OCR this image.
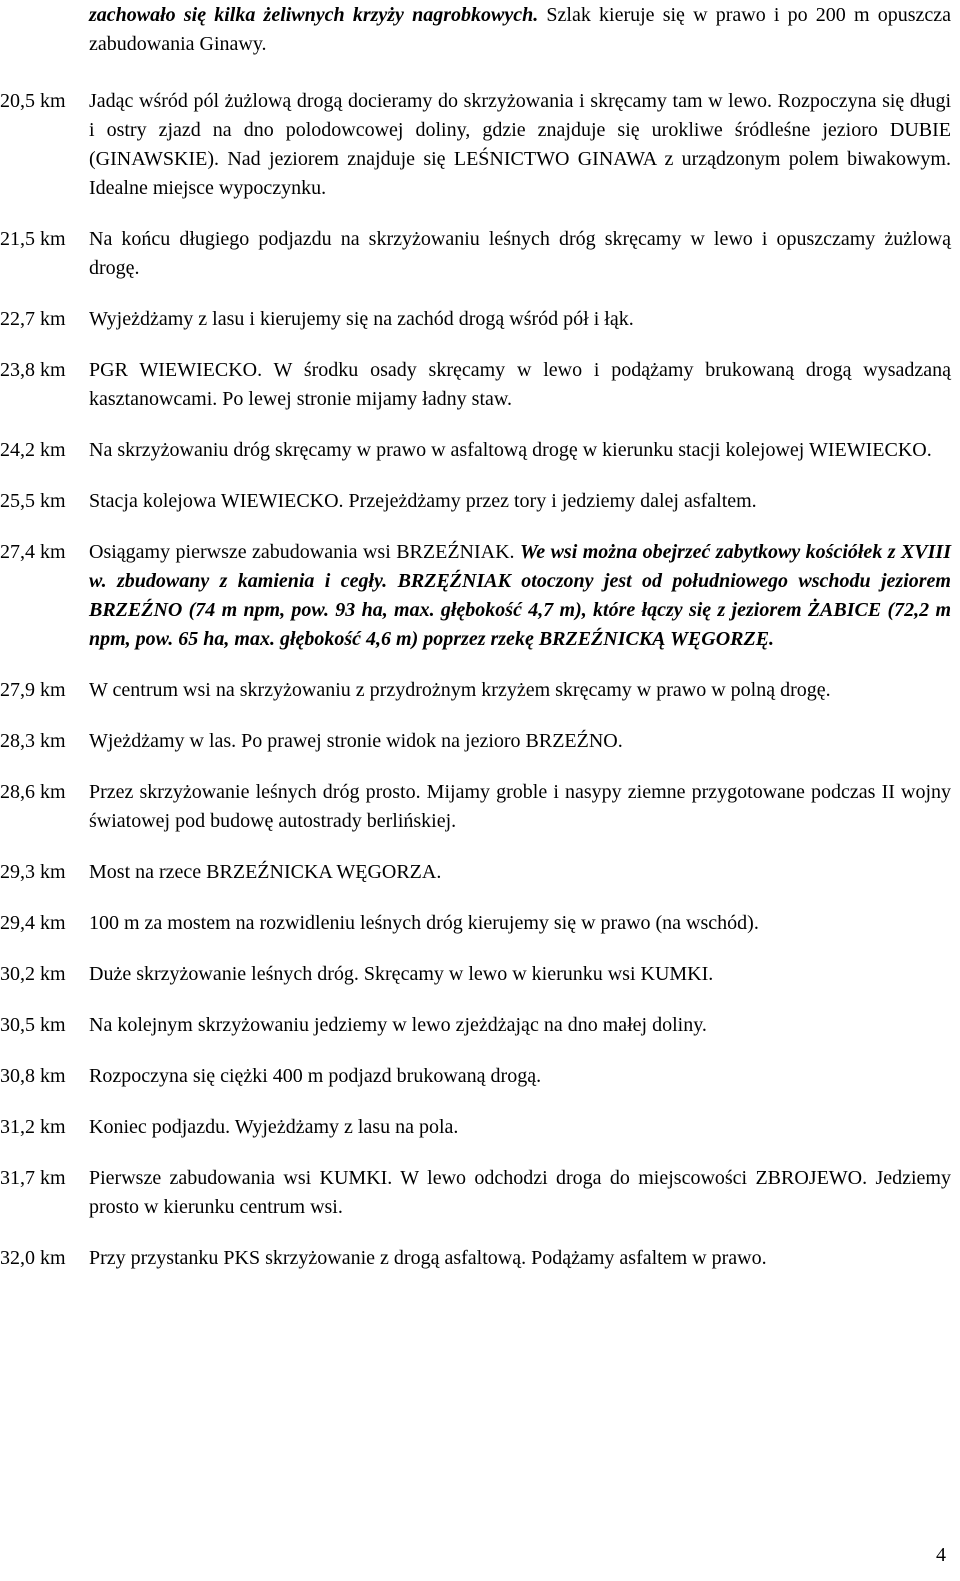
zachowało się kilka żeliwnych krzyży nagrobkowych. Szlak kieruje się w prawo i po 200 m opuszcza zabudowania Ginawy.

20,5 km	Jadąc wśród pól żużlową drogą docieramy do skrzyżowania i skręcamy tam w lewo. Rozpoczyna się długi i ostry zjazd na dno polodowcowej doliny, gdzie znajduje się urokliwe śródleśne jezioro DUBIE (GINAWSKIE). Nad jeziorem znajduje się LEŚNICTWO GINAWA z urządzonym polem biwakowym. Idealne miejsce wypoczynku.
21,5 km	Na końcu długiego podjazdu na skrzyżowaniu leśnych dróg skręcamy w lewo i opuszczamy żużlową drogę.
22,7 km	Wyjeżdżamy z lasu i kierujemy się na zachód drogą wśród pół i łąk.
23,8 km	PGR WIEWIECKO. W środku osady skręcamy w lewo i podążamy brukowaną drogą wysadzaną kasztanowcami. Po lewej stronie mijamy ładny staw.
24,2 km	Na skrzyżowaniu dróg skręcamy w prawo w asfaltową drogę w kierunku stacji kolejowej WIEWIECKO.
25,5 km	Stacja kolejowa WIEWIECKO. Przejeżdżamy przez tory i jedziemy dalej asfaltem.
27,4 km	Osiągamy pierwsze zabudowania wsi BRZEŹNIAK. We wsi można obejrzeć zabytkowy kościółek z XVIII w. zbudowany z kamienia i cegły. BRZĘŹNIAK otoczony jest od południowego wschodu jeziorem BRZEŹNO (74 m npm, pow. 93 ha, max. głębokość 4,7 m), które łączy się z jeziorem ŻABICE (72,2 m npm, pow. 65 ha, max. głębokość 4,6 m) poprzez rzekę BRZEŹNICKĄ WĘGORZĘ.
27,9 km	W centrum wsi na skrzyżowaniu z przydrożnym krzyżem skręcamy w prawo w polną drogę.
28,3 km	Wjeżdżamy w las. Po prawej stronie widok na jezioro BRZEŹNO.
28,6 km	Przez skrzyżowanie leśnych dróg prosto. Mijamy groble i nasypy ziemne przygotowane podczas II wojny światowej pod budowę autostrady berlińskiej.
29,3 km	Most na rzece BRZEŹNICKA WĘGORZA.
29,4 km	100 m za mostem na rozwidleniu leśnych dróg kierujemy się w prawo (na wschód).
30,2 km	Duże skrzyżowanie leśnych dróg. Skręcamy w lewo w kierunku wsi KUMKI.
30,5 km	Na kolejnym skrzyżowaniu jedziemy w lewo zjeżdżając na dno małej doliny.
30,8 km	Rozpoczyna się ciężki 400 m podjazd brukowaną drogą.
31,2 km	Koniec podjazdu. Wyjeżdżamy z lasu na pola.
31,7 km	Pierwsze zabudowania wsi KUMKI. W lewo odchodzi droga do miejscowości ZBROJEWO. Jedziemy prosto w kierunku centrum wsi.
32,0 km	Przy przystanku PKS skrzyżowanie z drogą asfaltową. Podążamy asfaltem w prawo.
4
